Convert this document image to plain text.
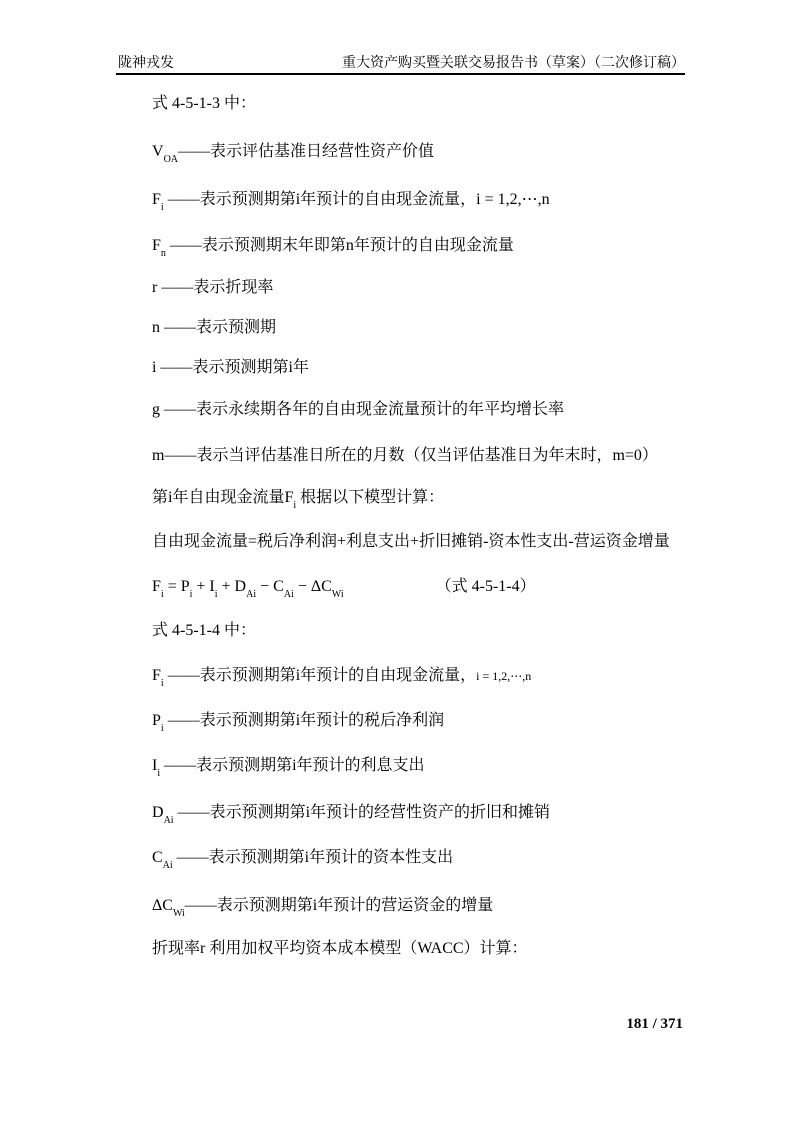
陇神戎发	重大资产购买暨关联交易报告书（草案）（二次修订稿）

式 4-5-1-3 中：

$V_{OA}——$表示评估基准日经营性资产价值

$F_i$ ——表示预测期第i年预计的自由现金流量，i = 1,2,⋯,n

$F_n$ ——表示预测期末年即第n年预计的自由现金流量

r ——表示折现率

n ——表示预测期

i ——表示预测期第i年

g ——表示永续期各年的自由现金流量预计的年平均增长率

m——表示当评估基准日所在的月数（仅当评估基准日为年末时，m=0）

第i年自由现金流量$F_i$ 根据以下模型计算：

自由现金流量=税后净利润+利息支出+折旧摊销-资本性支出-营运资金增量

$F_i = P_i + I_i + D_{Ai} - C_{Ai} - \Delta C_{Wi}$	（式 4-5-1-4）

式 4-5-1-4 中：

$F_i$ ——表示预测期第i年预计的自由现金流量，i = 1,2,⋯,n

$P_i$ ——表示预测期第i年预计的税后净利润

$I_i$ ——表示预测期第i年预计的利息支出

$D_{Ai}$ ——表示预测期第i年预计的经营性资产的折旧和摊销

$C_{Ai}$ ——表示预测期第i年预计的资本性支出

$\Delta C_{Wi}——$表示预测期第i年预计的营运资金的增量

折现率r 利用加权平均资本成本模型（WACC）计算：

181 / 371
